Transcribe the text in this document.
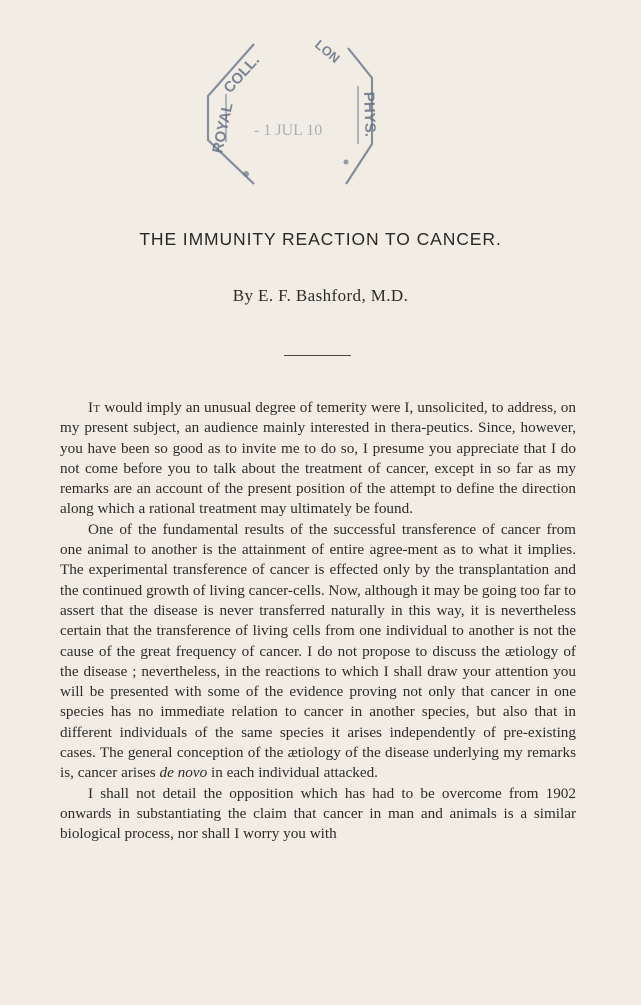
ROYAL
COLL.
LON
PHYS.
- 1 JUL 10
THE IMMUNITY REACTION TO CANCER.
By E. F. Bashford, M.D.

It would imply an unusual degree of temerity were I, unsolicited, to address, on my present subject, an audience mainly interested in thera-peutics. Since, however, you have been so good as to invite me to do so, I presume you appreciate that I do not come before you to talk about the treatment of cancer, except in so far as my remarks are an account of the present position of the attempt to define the direction along which a rational treatment may ultimately be found.

One of the fundamental results of the successful transference of cancer from one animal to another is the attainment of entire agree-ment as to what it implies. The experimental transference of cancer is effected only by the transplantation and the continued growth of living cancer-cells. Now, although it may be going too far to assert that the disease is never transferred naturally in this way, it is nevertheless certain that the transference of living cells from one individual to another is not the cause of the great frequency of cancer. I do not propose to discuss the ætiology of the disease ; nevertheless, in the reactions to which I shall draw your attention you will be presented with some of the evidence proving not only that cancer in one species has no immediate relation to cancer in another species, but also that in different individuals of the same species it arises independently of pre-existing cases. The general conception of the ætiology of the disease underlying my remarks is, cancer arises de novo in each individual attacked.

I shall not detail the opposition which has had to be overcome from 1902 onwards in substantiating the claim that cancer in man and animals is a similar biological process, nor shall I worry you with
